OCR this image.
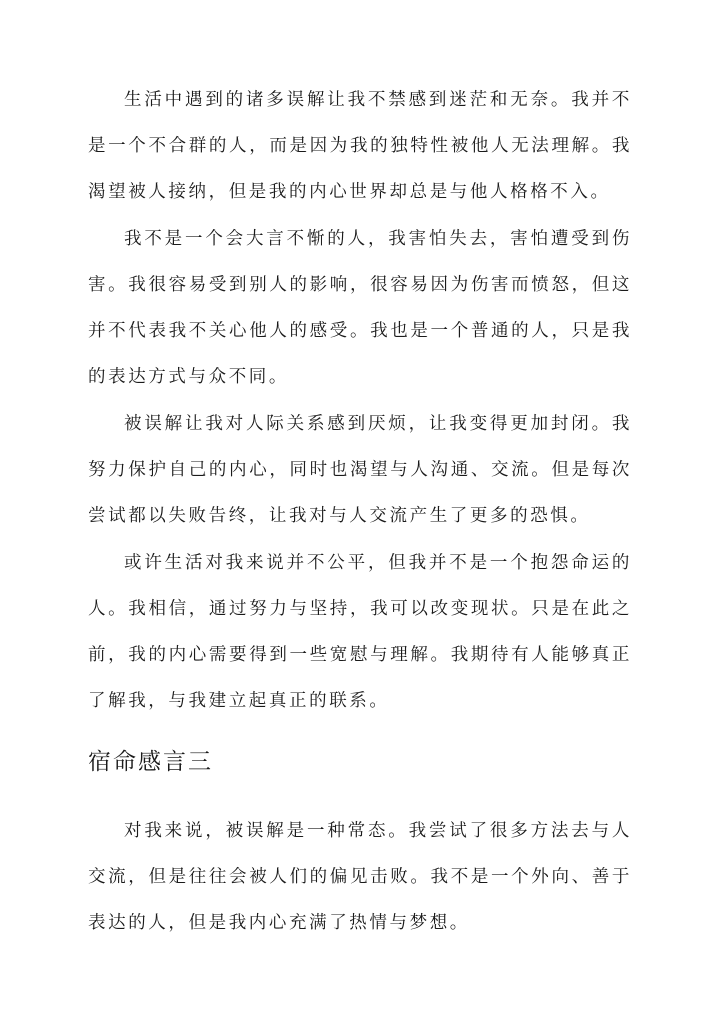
生活中遇到的诸多误解让我不禁感到迷茫和无奈。我并不是一个不合群的人，而是因为我的独特性被他人无法理解。我渴望被人接纳，但是我的内心世界却总是与他人格格不入。

我不是一个会大言不惭的人，我害怕失去，害怕遭受到伤害。我很容易受到别人的影响，很容易因为伤害而愤怒，但这并不代表我不关心他人的感受。我也是一个普通的人，只是我的表达方式与众不同。

被误解让我对人际关系感到厌烦，让我变得更加封闭。我努力保护自己的内心，同时也渴望与人沟通、交流。但是每次尝试都以失败告终，让我对与人交流产生了更多的恐惧。

或许生活对我来说并不公平，但我并不是一个抱怨命运的人。我相信，通过努力与坚持，我可以改变现状。只是在此之前，我的内心需要得到一些宽慰与理解。我期待有人能够真正了解我，与我建立起真正的联系。

宿命感言三

对我来说，被误解是一种常态。我尝试了很多方法去与人交流，但是往往会被人们的偏见击败。我不是一个外向、善于表达的人，但是我内心充满了热情与梦想。
